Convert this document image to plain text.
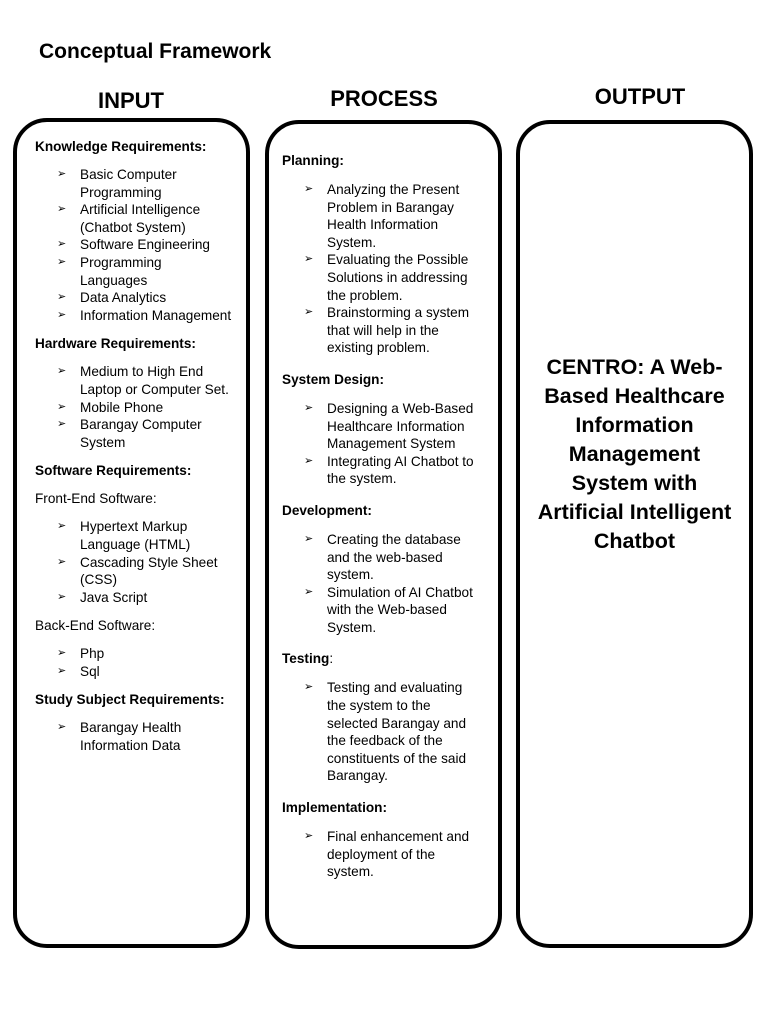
Conceptual Framework
INPUT	PROCESS	OUTPUT
Knowledge Requirements:
➢ Basic Computer Programming
➢ Artificial Intelligence (Chatbot System)
➢ Software Engineering
➢ Programming Languages
➢ Data Analytics
➢ Information Management
Hardware Requirements:
➢ Medium to High End Laptop or Computer Set.
➢ Mobile Phone
➢ Barangay Computer System
Software Requirements:
Front-End Software:
➢ Hypertext Markup Language (HTML)
➢ Cascading Style Sheet (CSS)
➢ Java Script
Back-End Software:
➢ Php
➢ Sql
Study Subject Requirements:
➢ Barangay Health Information Data
Planning:
➢ Analyzing the Present Problem in Barangay Health Information System.
➢ Evaluating the Possible Solutions in addressing the problem.
➢ Brainstorming a system that will help in the existing problem.
System Design:
➢ Designing a Web-Based Healthcare Information Management System
➢ Integrating AI Chatbot to the system.
Development:
➢ Creating the database and the web-based system.
➢ Simulation of AI Chatbot with the Web-based System.
Testing:
➢ Testing and evaluating the system to the selected Barangay and the feedback of the constituents of the said Barangay.
Implementation:
➢ Final enhancement and deployment of the system.
CENTRO: A Web-Based Healthcare Information Management System with Artificial Intelligent Chatbot
